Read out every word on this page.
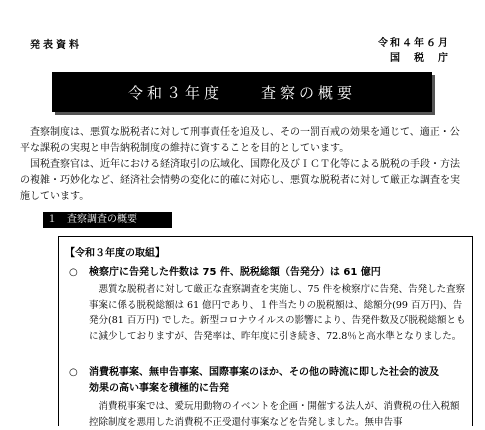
発表資料	令和４年６月
国　税　庁
令和３年度　　査察の概要

査察制度は、悪質な脱税者に対して刑事責任を追及し、その一罰百戒の効果を通じて、適正・公平な課税の実現と申告納税制度の維持に資することを目的としています。

国税査察官は、近年における経済取引の広域化、国際化及びＩＣＴ化等による脱税の手段・方法の複雑・巧妙化など、経済社会情勢の変化に的確に対応し、悪質な脱税者に対して厳正な調査を実施しています。

１　査察調査の概要
【令和３年度の取組】
○ 検察庁に告発した件数は 75 件、脱税総額（告発分）は 61 億円

悪質な脱税者に対して厳正な査察調査を実施し、75 件を検察庁に告発、告発した査察事案に係る脱税総額は 61 億円であり、１件当たりの脱税額は、総額分(99 百万円)、告発分(81 百万円) でした。新型コロナウイルスの影響により、告発件数及び脱税総額ともに減少しておりますが、告発率は、昨年度に引き続き、72.8％と高水準となりました。

○ 消費税事案、無申告事案、国際事案のほか、その他の時流に即した社会的波及
効果の高い事案を積極的に告発

消費税事案では、愛玩用動物のイベントを企画・開催する法人が、消費税の仕入税額控除制度を悪用した消費税不正受還付事案などを告発しました。無申告事
